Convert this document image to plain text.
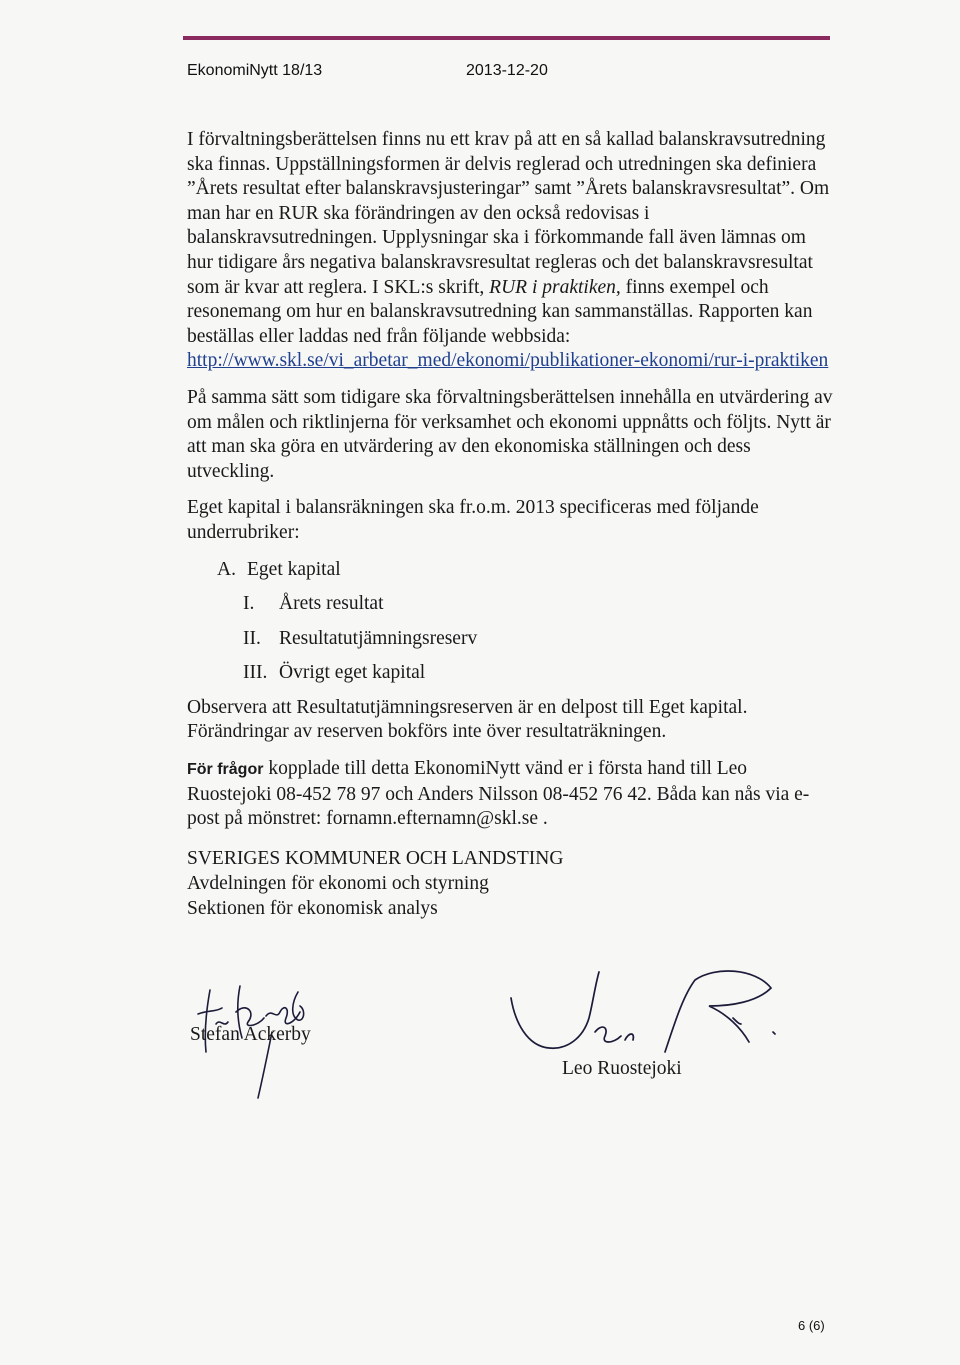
EkonomiNytt 18/13	2013-12-20

I förvaltningsberättelsen finns nu ett krav på att en så kallad balanskravsutredning ska finnas. Uppställningsformen är delvis reglerad och utredningen ska definiera ”Årets resultat efter balanskravsjusteringar” samt ”Årets balanskravsresultat”. Om man har en RUR ska förändringen av den också redovisas i balanskravsutredningen. Upplysningar ska i förkommande fall även lämnas om hur tidigare års negativa balanskravsresultat regleras och det balanskravsresultat som är kvar att reglera. I SKL:s skrift, RUR i praktiken, finns exempel och resonemang om hur en balanskravsutredning kan sammanställas. Rapporten kan beställas eller laddas ned från följande webbsida: http://www.skl.se/vi_arbetar_med/ekonomi/publikationer-ekonomi/rur-i-praktiken

På samma sätt som tidigare ska förvaltningsberättelsen innehålla en utvärdering av om målen och riktlinjerna för verksamhet och ekonomi uppnåtts och följts. Nytt är att man ska göra en utvärdering av den ekonomiska ställningen och dess utveckling.

Eget kapital i balansräkningen ska fr.o.m. 2013 specificeras med följande underrubriker:

A. Eget kapital
I.	Årets resultat
II. Resultatutjämningsreserv
III. Övrigt eget kapital

Observera att Resultatutjämningsreserven är en delpost till Eget kapital. Förändringar av reserven bokförs inte över resultaträkningen.

För frågor kopplade till detta EkonomiNytt vänd er i första hand till Leo Ruostejoki 08-452 78 97 och Anders Nilsson 08-452 76 42. Båda kan nås via e-post på mönstret: fornamn.efternamn@skl.se .

SVERIGES KOMMUNER OCH LANDSTING
Avdelningen för ekonomi och styrning
Sektionen för ekonomisk analys
Stefan Ackerby
Leo Ruostejoki
6 (6)
